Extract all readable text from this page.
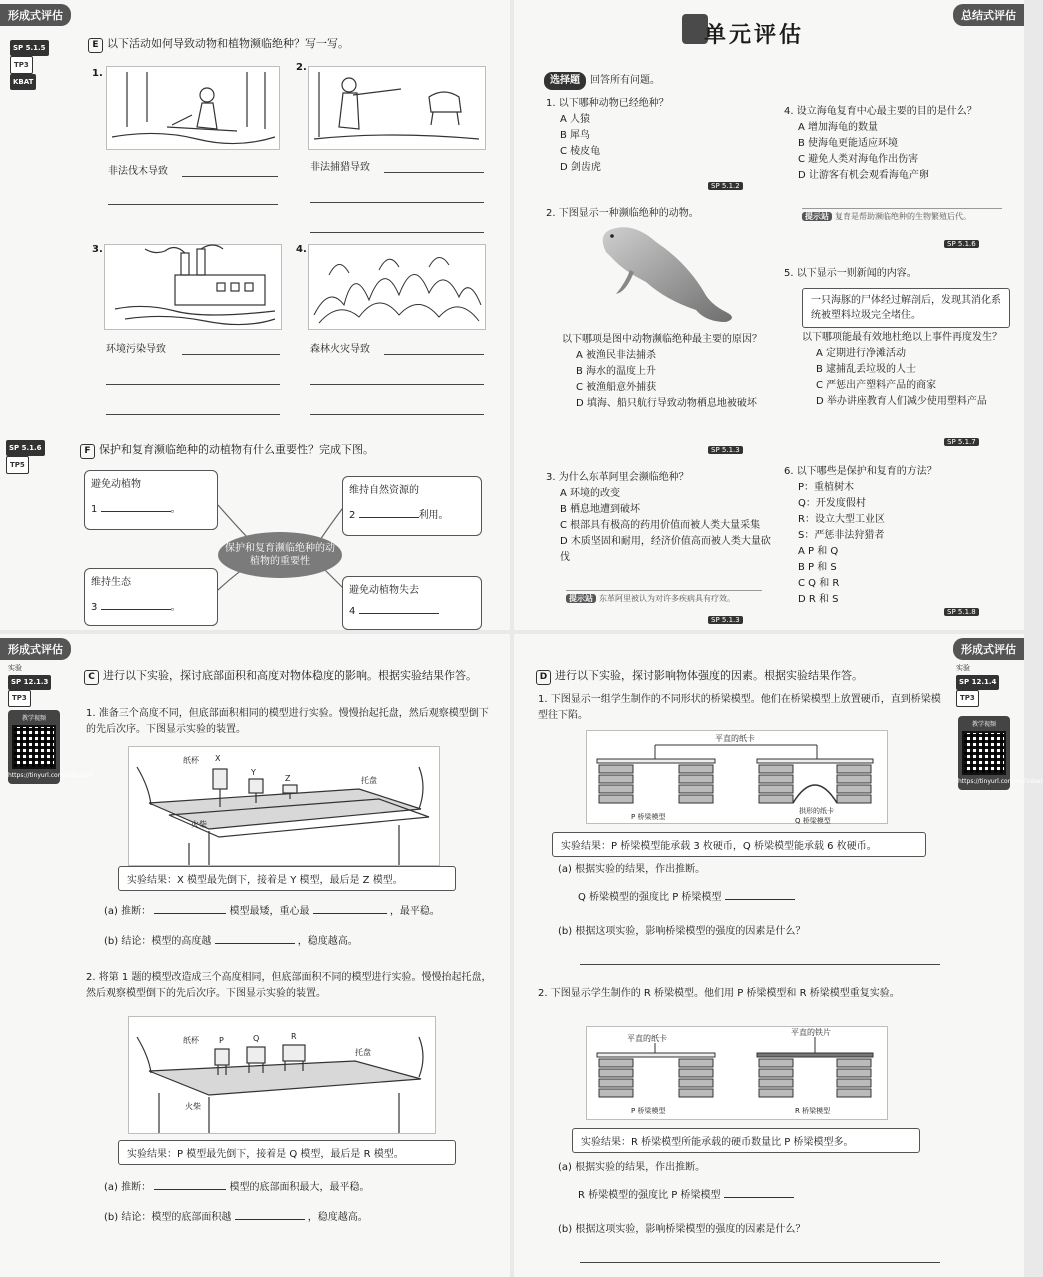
形成式评估
SP 5.1.5
TP3
KBAT
E 以下活动如何导致动物和植物濒临绝种？写一写。
1.
非法伐木导致
2.
非法捕猎导致
3.
环境污染导致
4.
森林火灾导致
SP 5.1.6
TP5
F 保护和复育濒临绝种的动植物有什么重要性？完成下图。
避免动植物
1	。
维持自然资源的
2	利用。
保护和复育濒临绝种的动植物的重要性
维持生态
3	。
避免动植物失去
4
总结式评估
单元评估
选择题 回答所有问题。
1. 以下哪种动物已经绝种？
A 人猿
B 犀鸟
C 棱皮龟
D 剑齿虎
SP 5.1.2
2. 下图显示一种濒临绝种的动物。
以下哪项是图中动物濒临绝种最主要的原因？
A 被渔民非法捕杀
B 海水的温度上升
C 被渔船意外捕获
D 填海、船只航行导致动物栖息地被破坏
SP 5.1.3
3. 为什么东革阿里会濒临绝种？
A 环境的改变
B 栖息地遭到破坏
C 根部具有极高的药用价值而被人类大量采集
D 木质坚固和耐用，经济价值高而被人类大量砍伐
提示站 东革阿里被认为对许多疾病具有疗效。
SP 5.1.3
4. 设立海龟复育中心最主要的目的是什么？
A 增加海龟的数量
B 使海龟更能适应环境
C 避免人类对海龟作出伤害
D 让游客有机会观看海龟产卵
提示站 复育是帮助濒临绝种的生物繁殖后代。
SP 5.1.6
5. 以下显示一则新闻的内容。
一只海豚的尸体经过解剖后，发现其消化系统被塑料垃圾完全堵住。
以下哪项能最有效地杜绝以上事件再度发生？
A 定期进行净滩活动
B 逮捕乱丢垃圾的人士
C 严惩出产塑料产品的商家
D 举办讲座教育人们减少使用塑料产品
SP 5.1.7
6. 以下哪些是保护和复育的方法？
P：重植树木
Q：开发度假村
R：设立大型工业区
S：严惩非法狩猎者
A P 和 Q
B P 和 S
C Q 和 R
D R 和 S
SP 5.1.8
形成式评估
实验
SP 12.1.3
TP3
教学视频
https://tinyurl.com/bddutty3
C 进行以下实验，探讨底部面积和高度对物体稳度的影响。根据实验结果作答。
1. 准备三个高度不同，但底部面积相同的模型进行实验。慢慢抬起托盘，然后观察模型倒下的先后次序。下图显示实验的装置。
纸杯 X
Y
Z	托盘
火柴
实验结果：X 模型最先倒下，接着是 Y 模型，最后是 Z 模型。
(a) 推断：	模型最矮，重心最	，最平稳。
(b) 结论：模型的高度越	，稳度越高。
2. 将第 1 题的模型改造成三个高度相同，但底部面积不同的模型进行实验。慢慢抬起托盘，然后观察模型倒下的先后次序。下图显示实验的装置。
纸杯	P	Q	R
托盘
火柴
实验结果：P 模型最先倒下，接着是 Q 模型，最后是 R 模型。
(a) 推断：	模型的底部面积最大，最平稳。
(b) 结论：模型的底部面积越	，稳度越高。
形成式评估
实验
SP 12.1.4
TP3
教学视频
https://tinyurl.com/4a7cstwr
D 进行以下实验，探讨影响物体强度的因素。根据实验结果作答。
1. 下图显示一组学生制作的不同形状的桥梁模型。他们在桥梁模型上放置硬币，直到桥梁模型往下陷。
平直的纸卡
拱形的纸卡
P 桥梁模型	Q 桥梁模型
实验结果：P 桥梁模型能承载 3 枚硬币，Q 桥梁模型能承载 6 枚硬币。
(a) 根据实验的结果，作出推断。
Q 桥梁模型的强度比 P 桥梁模型
(b) 根据这项实验，影响桥梁模型的强度的因素是什么？
2. 下图显示学生制作的 R 桥梁模型。他们用 P 桥梁模型和 R 桥梁模型重复实验。
平直的纸卡
平直的铁片
P 桥梁模型	R 桥梁模型
实验结果：R 桥梁模型所能承载的硬币数量比 P 桥梁模型多。
(a) 根据实验的结果，作出推断。
R 桥梁模型的强度比 P 桥梁模型
(b) 根据这项实验，影响桥梁模型的强度的因素是什么？
